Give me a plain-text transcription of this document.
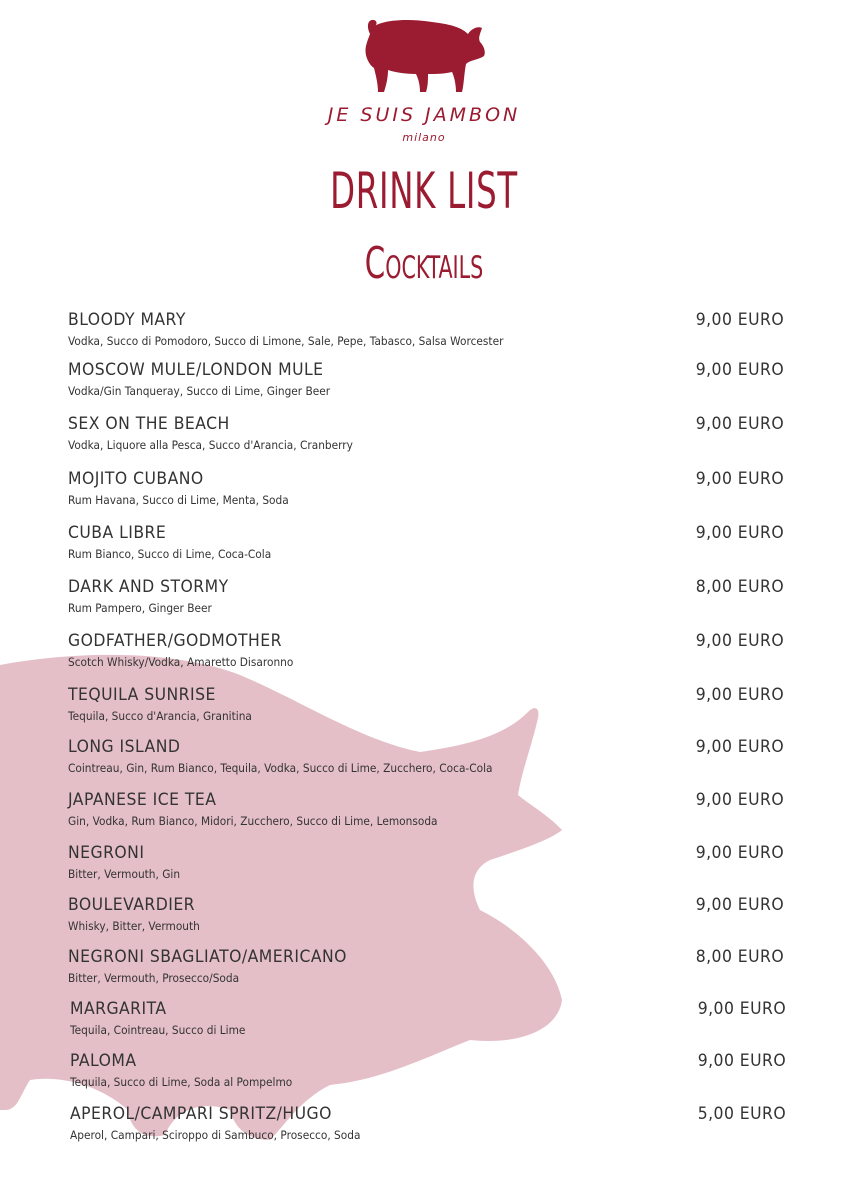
JE SUIS JAMBON
milano
DRINK LIST
Cocktails
BLOODY MARY
Vodka, Succo di Pomodoro, Succo di Limone, Sale, Pepe, Tabasco, Salsa Worcester
9,00 EURO
MOSCOW MULE/LONDON MULE
Vodka/Gin Tanqueray, Succo di Lime, Ginger Beer
9,00 EURO
SEX ON THE BEACH
Vodka, Liquore alla Pesca, Succo d'Arancia, Cranberry
9,00 EURO
MOJITO CUBANO
Rum Havana, Succo di Lime, Menta, Soda
9,00 EURO
CUBA LIBRE
Rum Bianco, Succo di Lime, Coca-Cola
9,00 EURO
DARK AND STORMY
Rum Pampero, Ginger Beer
8,00 EURO
GODFATHER/GODMOTHER
Scotch Whisky/Vodka, Amaretto Disaronno
9,00 EURO
TEQUILA SUNRISE
Tequila, Succo d'Arancia, Granitina
9,00 EURO
LONG ISLAND
Cointreau, Gin, Rum Bianco, Tequila, Vodka, Succo di Lime, Zucchero, Coca-Cola
9,00 EURO
JAPANESE ICE TEA
Gin, Vodka, Rum Bianco, Midori, Zucchero, Succo di Lime, Lemonsoda
9,00 EURO
NEGRONI
Bitter, Vermouth, Gin
9,00 EURO
BOULEVARDIER
Whisky, Bitter, Vermouth
9,00 EURO
NEGRONI SBAGLIATO/AMERICANO
Bitter, Vermouth, Prosecco/Soda
8,00 EURO
MARGARITA
Tequila, Cointreau, Succo di Lime
9,00 EURO
PALOMA
Tequila, Succo di Lime, Soda al Pompelmo
9,00 EURO
APEROL/CAMPARI SPRITZ/HUGO
Aperol, Campari, Sciroppo di Sambuco, Prosecco, Soda
5,00 EURO
